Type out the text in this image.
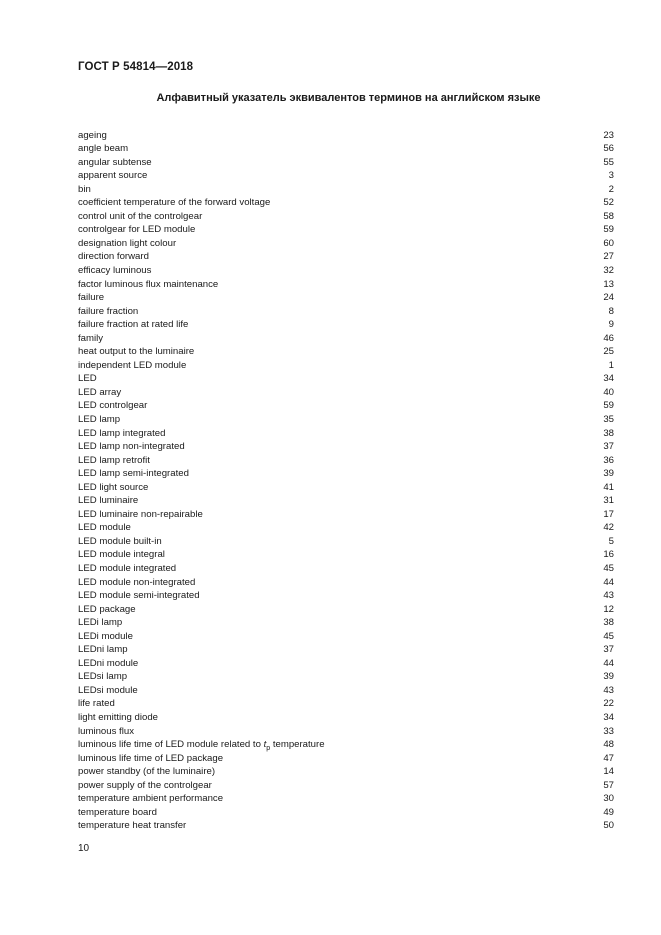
ГОСТ Р 54814—2018
Алфавитный указатель эквивалентов терминов на английском языке
ageing	23
angle beam	56
angular subtense	55
apparent source	3
bin	2
coefficient temperature of the forward voltage	52
control unit of the controlgear	58
controlgear for LED module	59
designation light colour	60
direction forward	27
efficacy luminous	32
factor luminous flux maintenance	13
failure	24
failure fraction	8
failure fraction at rated life	9
family	46
heat output to the luminaire	25
independent LED module	1
LED	34
LED array	40
LED controlgear	59
LED lamp	35
LED lamp integrated	38
LED lamp non-integrated	37
LED lamp retrofit	36
LED lamp semi-integrated	39
LED light source	41
LED luminaire	31
LED luminaire non-repairable	17
LED module	42
LED module built-in	5
LED module integral	16
LED module integrated	45
LED module non-integrated	44
LED module semi-integrated	43
LED package	12
LEDi lamp	38
LEDi module	45
LEDni lamp	37
LEDni module	44
LEDsi lamp	39
LEDsi module	43
life rated	22
light emitting diode	34
luminous flux	33
luminous life time of LED module related to $t_p$ temperature	48
luminous life time of LED package	47
power standby (of the luminaire)	14
power supply of the controlgear	57
temperature ambient performance	30
temperature board	49
temperature heat transfer	50
10
